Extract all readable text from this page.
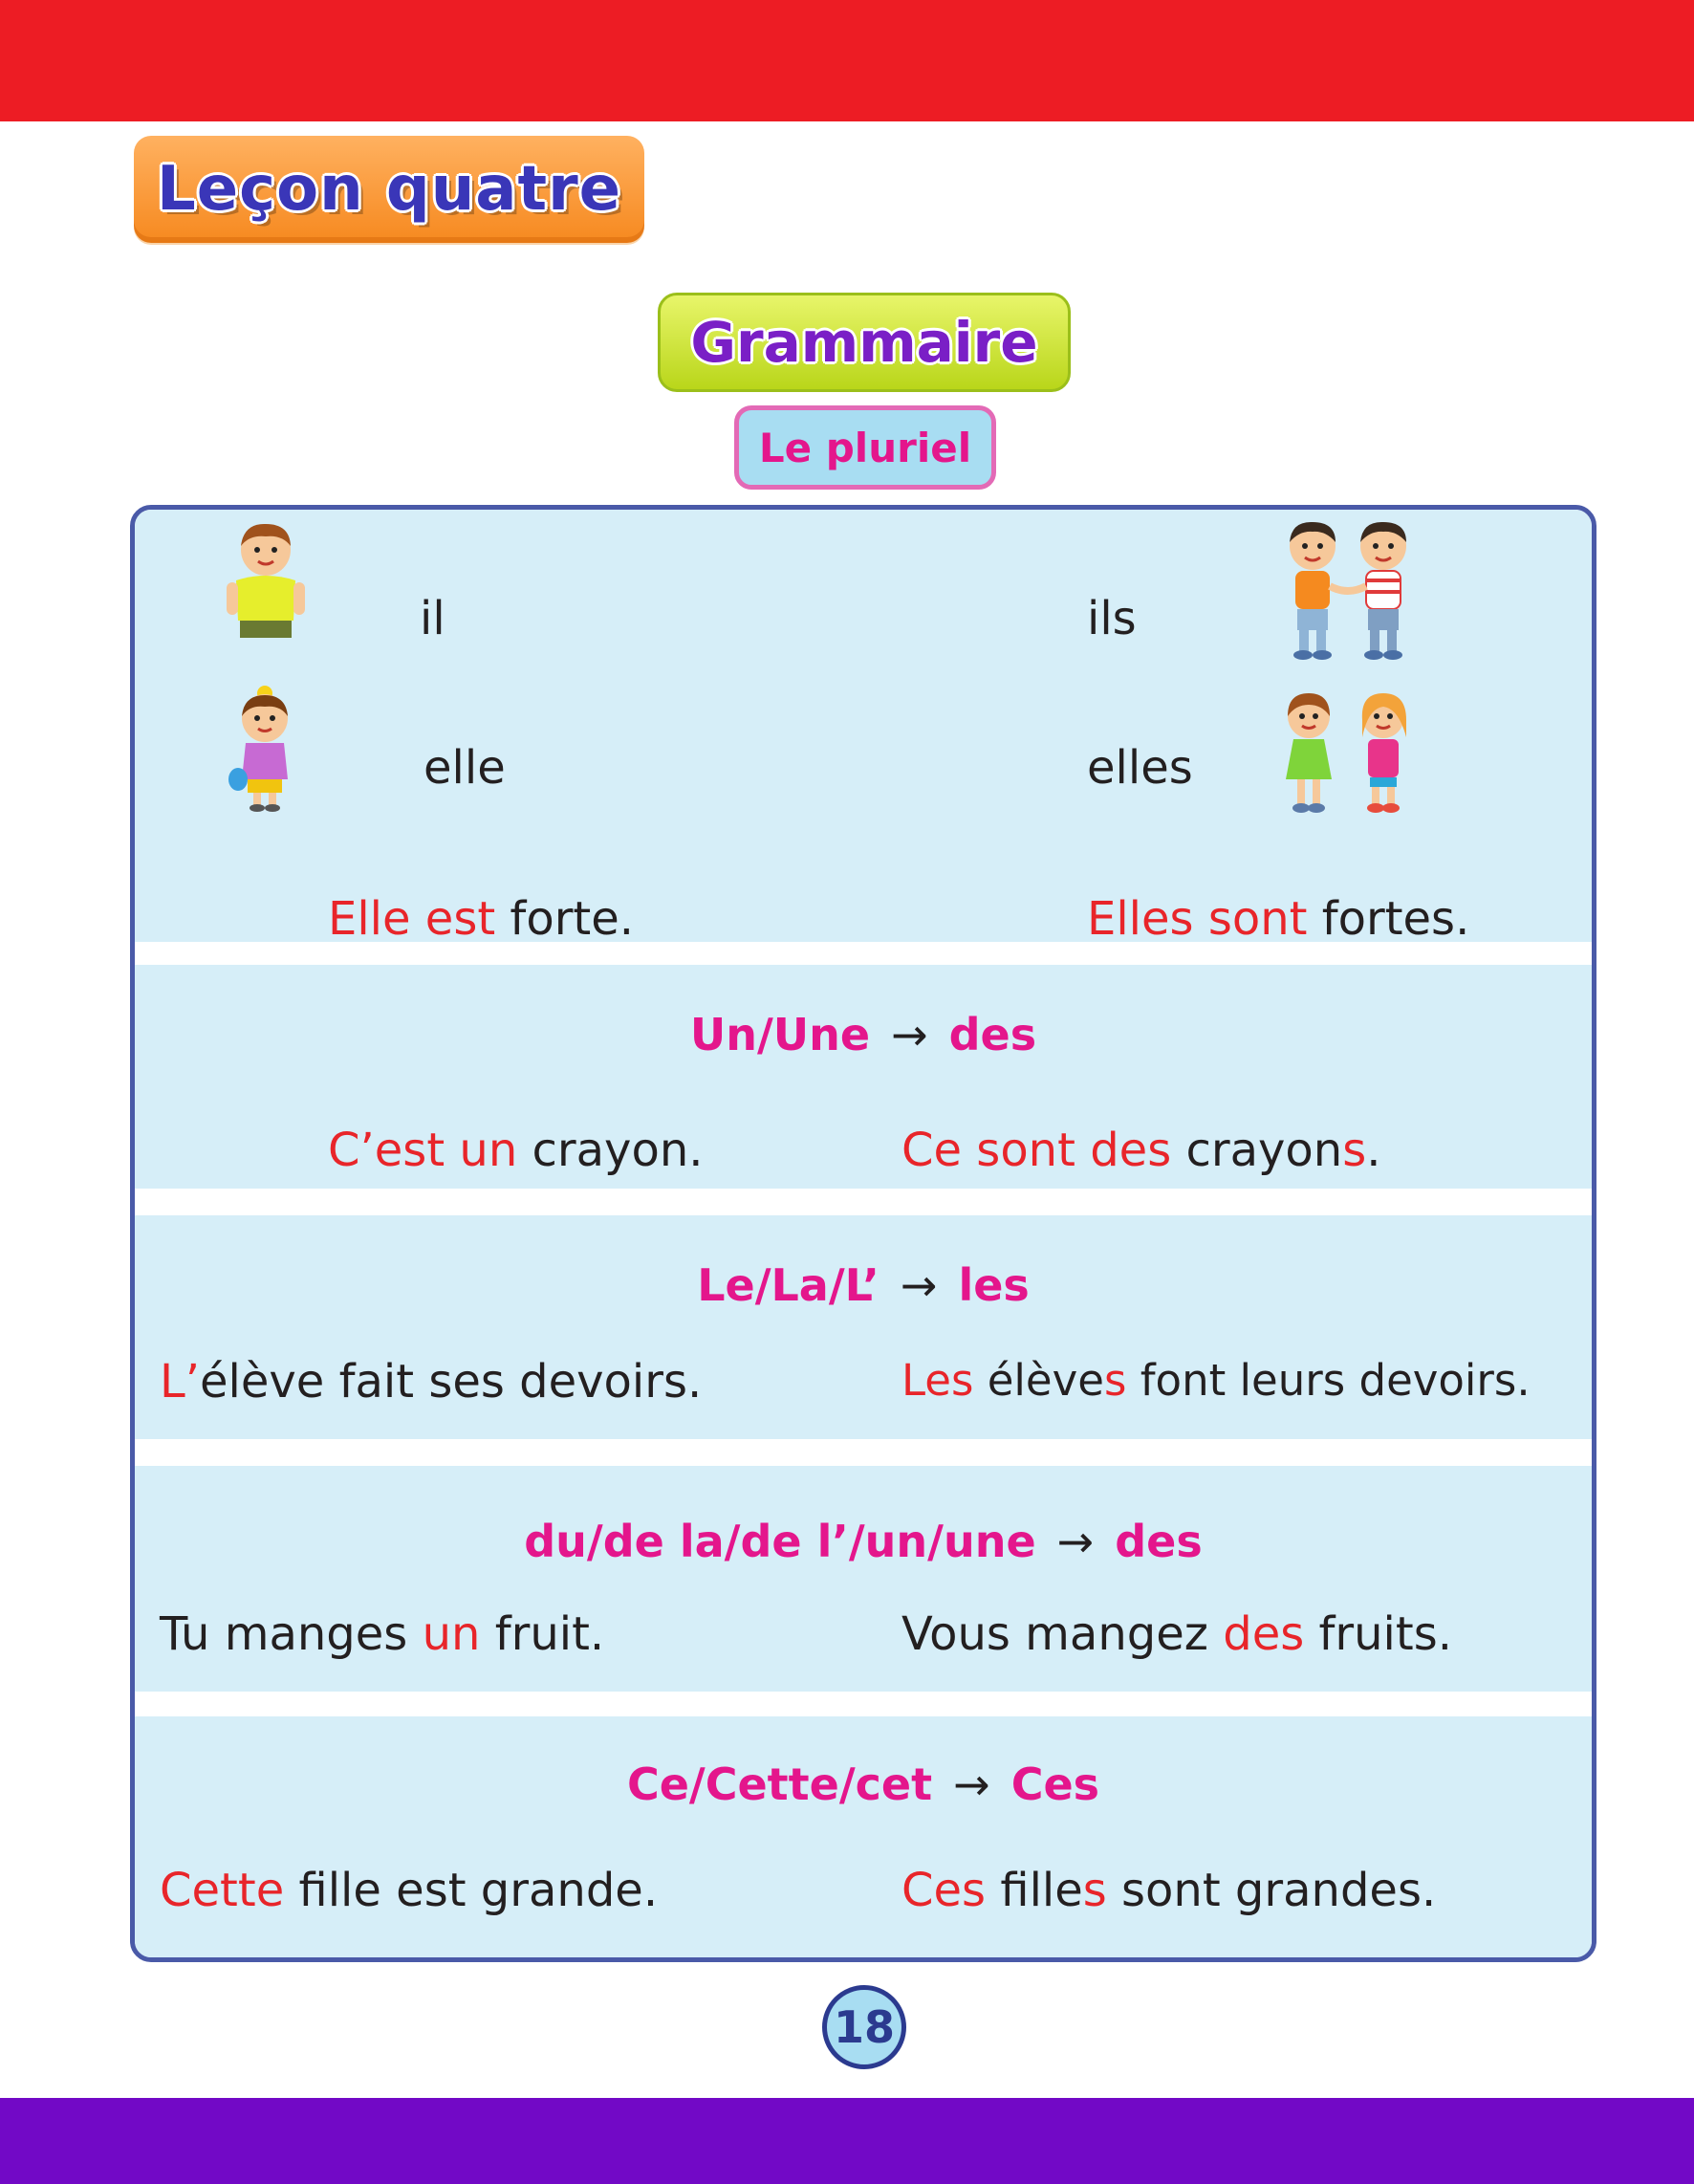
Leçon quatre
Grammaire
Le pluriel
il	ils
elle	elles
Elle est forte.	Elles sont fortes.
Un/Une → des
C’est un crayon.	Ce sont des crayons.
Le/La/L’ → les
L’élève fait ses devoirs.	Les élèves font leurs devoirs.
du/de la/de l’/un/une → des
Tu manges un fruit.	Vous mangez des fruits.
Ce/Cette/cet → Ces
Cette fille est grande.	Ces filles sont grandes.
18
